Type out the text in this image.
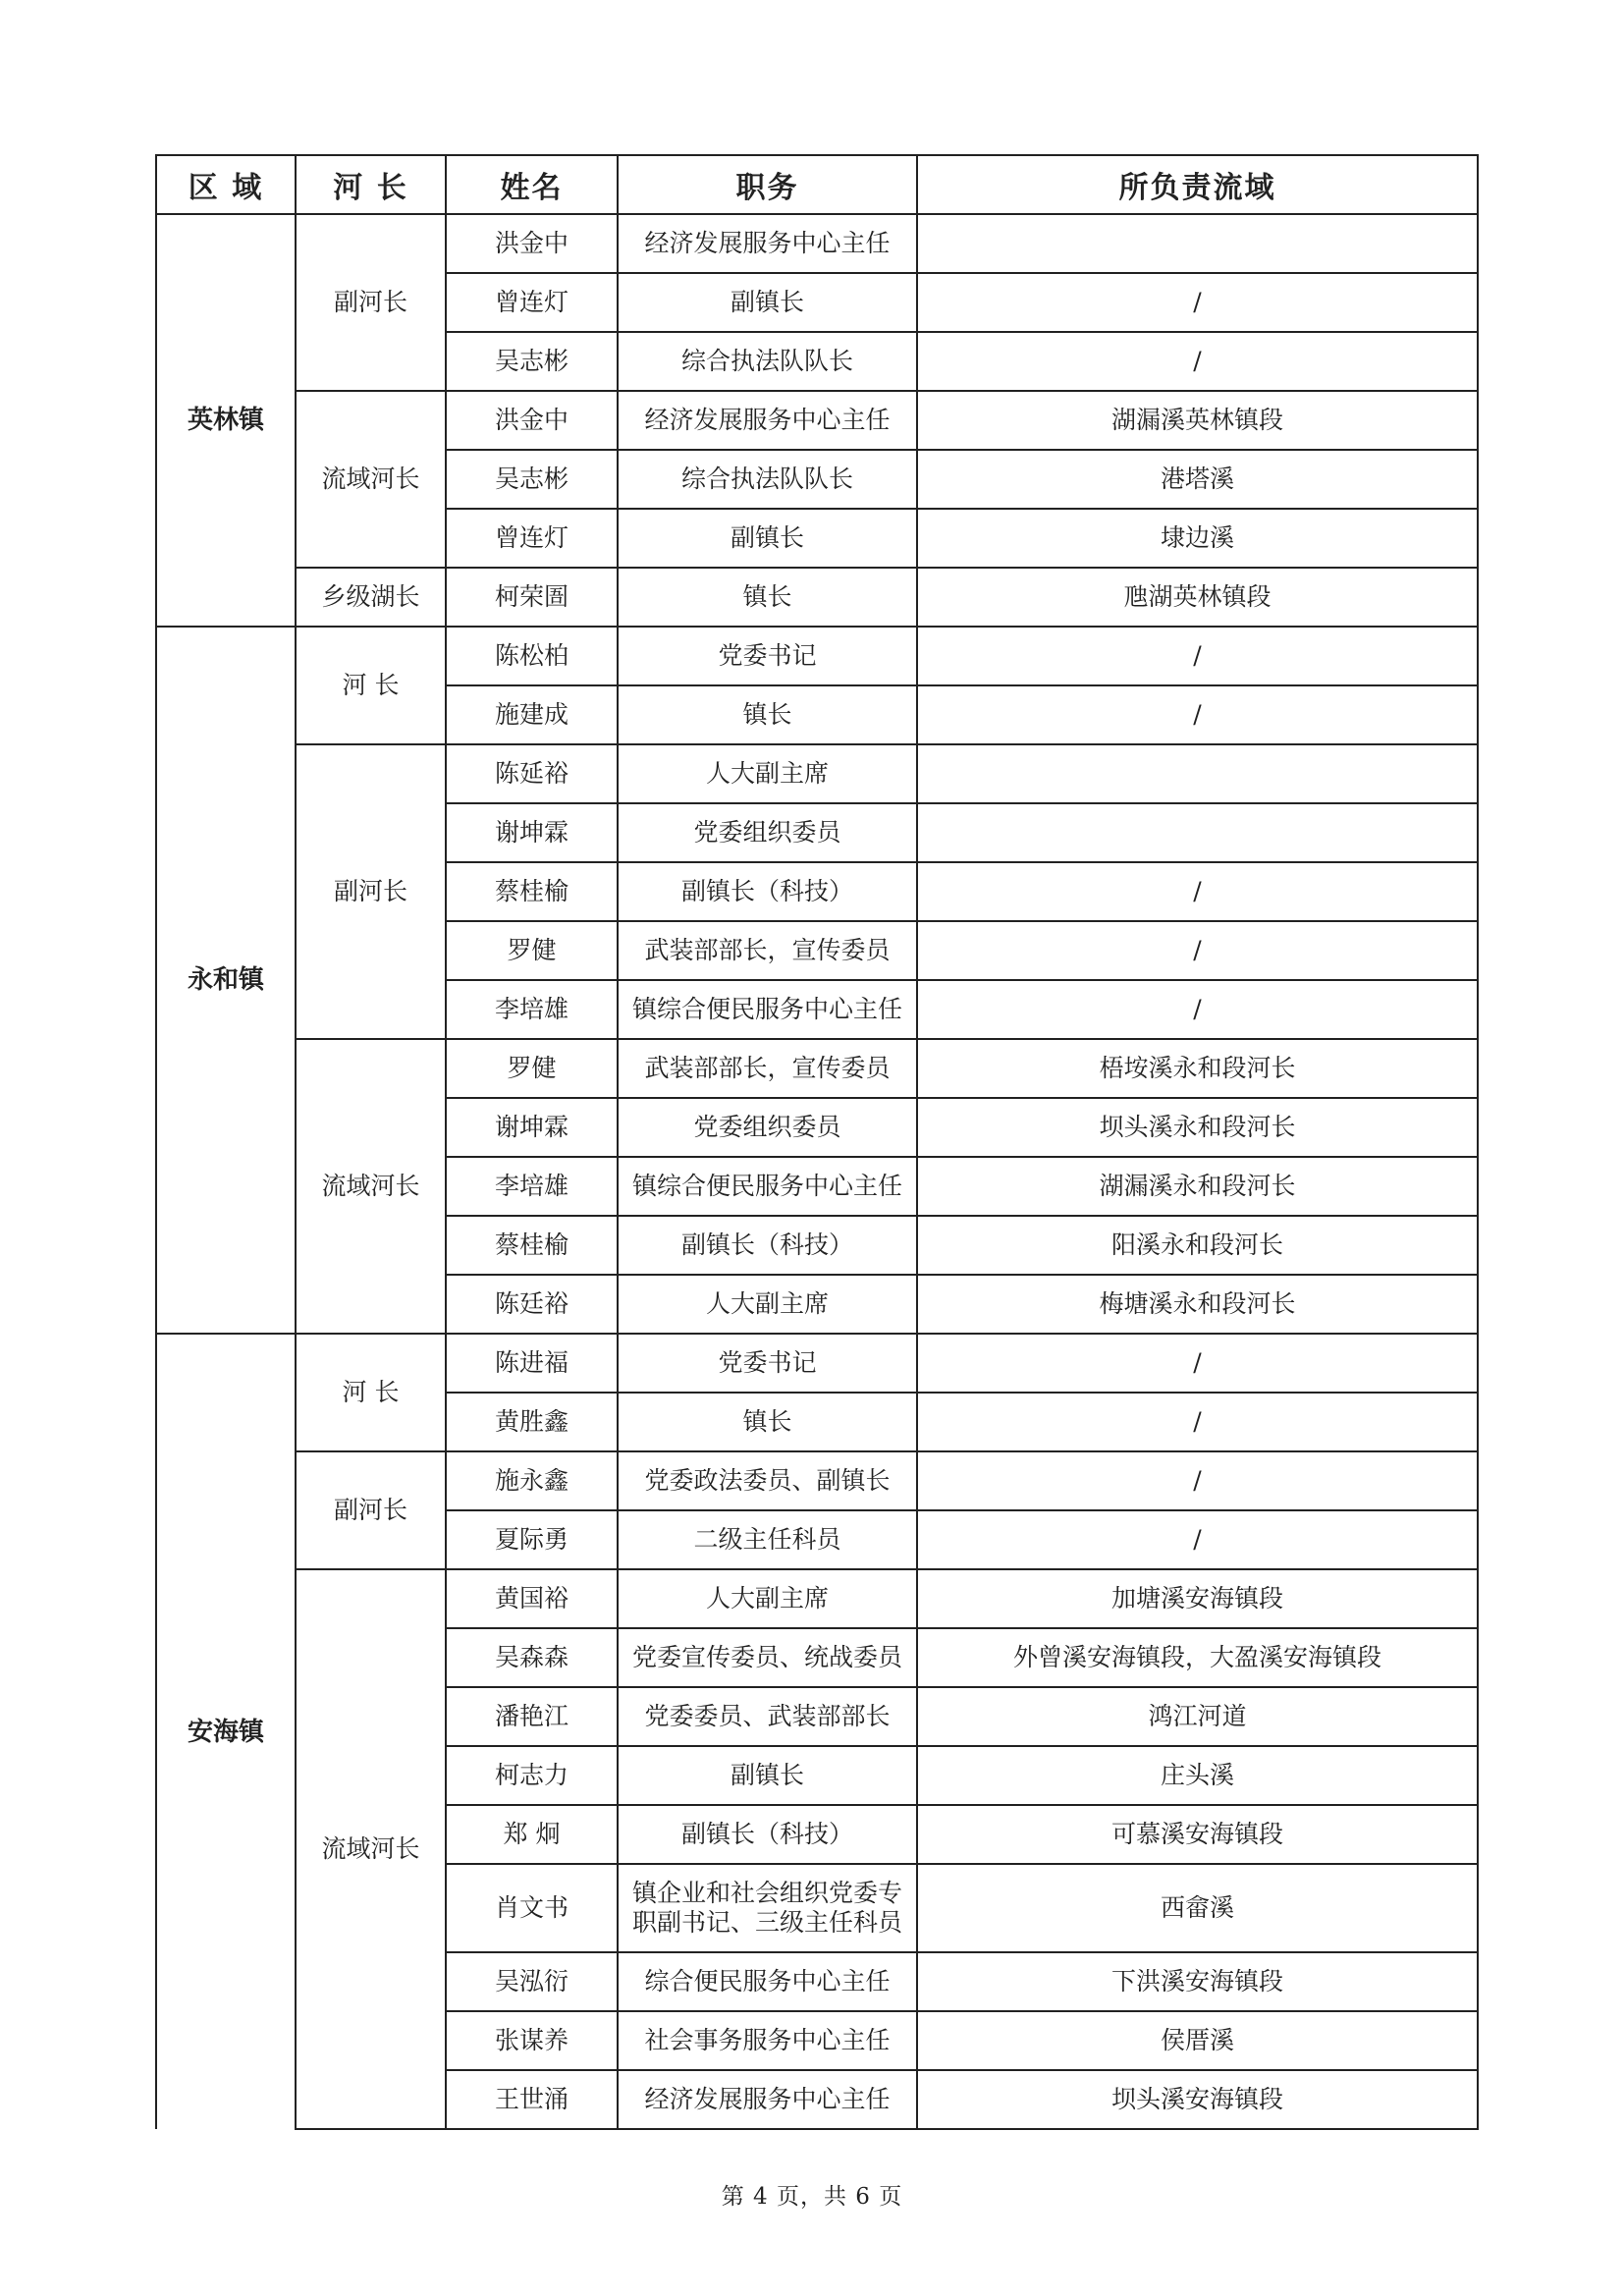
区 域	河 长	姓名	职务	所负责流域
英林镇	副河长	洪金中	经济发展服务中心主任	
		曾连灯	副镇长	/
		吴志彬	综合执法队队长	/
	流域河长	洪金中	经济发展服务中心主任	湖漏溪英林镇段
		吴志彬	综合执法队队长	港塔溪
		曾连灯	副镇长	埭边溪
	乡级湖长	柯荣圄	镇长	虺湖英林镇段
永和镇	河 长	陈松柏	党委书记	/
		施建成	镇长	/
	副河长	陈延裕	人大副主席	
		谢坤霖	党委组织委员	
		蔡桂榆	副镇长（科技）	/
		罗健	武装部部长，宣传委员	/
		李培雄	镇综合便民服务中心主任	/
	流域河长	罗健	武装部部长，宣传委员	梧垵溪永和段河长
		谢坤霖	党委组织委员	坝头溪永和段河长
		李培雄	镇综合便民服务中心主任	湖漏溪永和段河长
		蔡桂榆	副镇长（科技）	阳溪永和段河长
		陈廷裕	人大副主席	梅塘溪永和段河长
安海镇	河 长	陈进福	党委书记	/
		黄胜鑫	镇长	/
	副河长	施永鑫	党委政法委员、副镇长	/
		夏际勇	二级主任科员	/
	流域河长	黄国裕	人大副主席	加塘溪安海镇段
		吴森森	党委宣传委员、统战委员	外曾溪安海镇段，大盈溪安海镇段
		潘艳江	党委委员、武装部部长	鸿江河道
		柯志力	副镇长	庄头溪
		郑 炯	副镇长（科技）	可慕溪安海镇段
		肖文书	镇企业和社会组织党委专职副书记、三级主任科员	西畲溪
		吴泓衍	综合便民服务中心主任	下洪溪安海镇段
		张谋养	社会事务服务中心主任	侯厝溪
		王世涌	经济发展服务中心主任	坝头溪安海镇段
第 4 页，共 6 页
